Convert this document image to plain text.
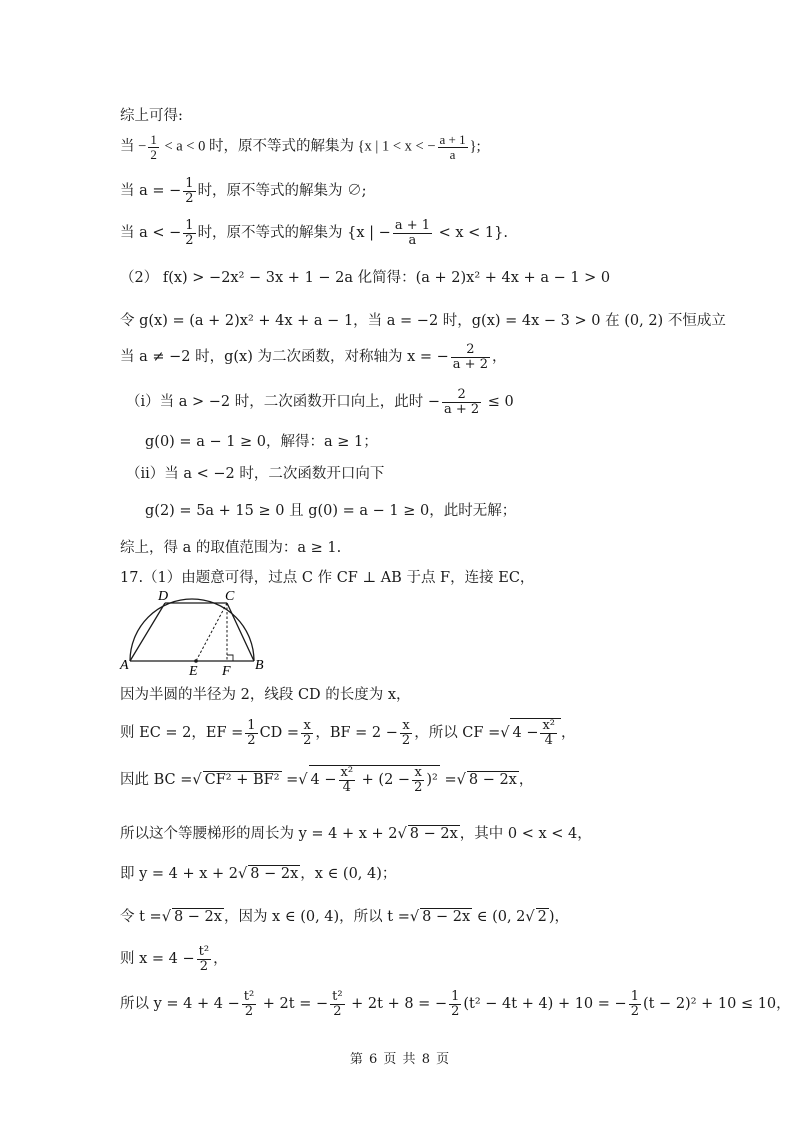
综上可得:
当 − $\frac{1}{2} < a < 0$ 时，原不等式的解集为 {x | 1 < x < − $\frac{a + 1}{a}$ };
当 a = − $\frac{1}{2}$ 时，原不等式的解集为 ∅;
当 a < − $\frac{1}{2}$ 时，原不等式的解集为 {x | − $\frac{a + 1}{a} < x < 1$}.
（2） f(x) > −2x² − 3x + 1 − 2a 化简得：(a + 2)x² + 4x + a − 1 > 0
令 g(x) = (a + 2)x² + 4x + a − 1，当 a = −2 时，g(x) = 4x − 3 > 0 在 (0, 2) 不恒成立
当 a ≠ −2 时，g(x) 为二次函数，对称轴为 x = − $\frac{2}{a + 2}$ ，
（i）当 a > −2 时，二次函数开口向上，此时 − $\frac{2}{a + 2} \le 0$
g(0) = a − 1 ≥ 0，解得：a ≥ 1；
（ii）当 a < −2 时，二次函数开口向下
g(2) = 5a + 15 ≥ 0 且 g(0) = a − 1 ≥ 0，此时无解；
综上，得 a 的取值范围为：a ≥ 1.
17.（1）由题意可得，过点 C 作 CF ⊥ AB 于点 F，连接 EC，
A	B
C
D
E F
因为半圆的半径为 2，线段 CD 的长度为 x，
则 EC = 2，EF = $\frac{1}{2}$ CD = $\frac{x}{2}$ ，BF = $2 - \frac{x}{2}$ ，所以 CF =√ $4 - \frac{\text{x²}}{4}$ ，
因此 BC =√ CF² + BF² =√ $4 - \frac{\text{x²}}{4} + (2 - \frac{x}{2} )^2$ =√ 8 − 2x ，
所以这个等腰梯形的周长为 y = 4 + x + 2√ 8 − 2x ，其中 0 < x < 4，
即 y = 4 + x + 2√ 8 − 2x ，x ∈ (0, 4)；
令 t =√ 8 − 2x ，因为 x ∈ (0, 4)，所以 t =√ 8 − 2x ∈ (0, 2√ 2 )，
则 $x = 4 - \frac{\text{t²}}{2}$ ，
所以 $y = 4 + 4 - \frac{\text{t²}}{2} + 2t$ = − $\frac{\text{t²}}{2} + 2t + 8$ = − $\frac{1}{2} (t^2 - 4t + 4) + 10$ = − $\frac{1}{2} (t - 2)^2 + 10 \le 10$，
第 6 页 共 8 页
